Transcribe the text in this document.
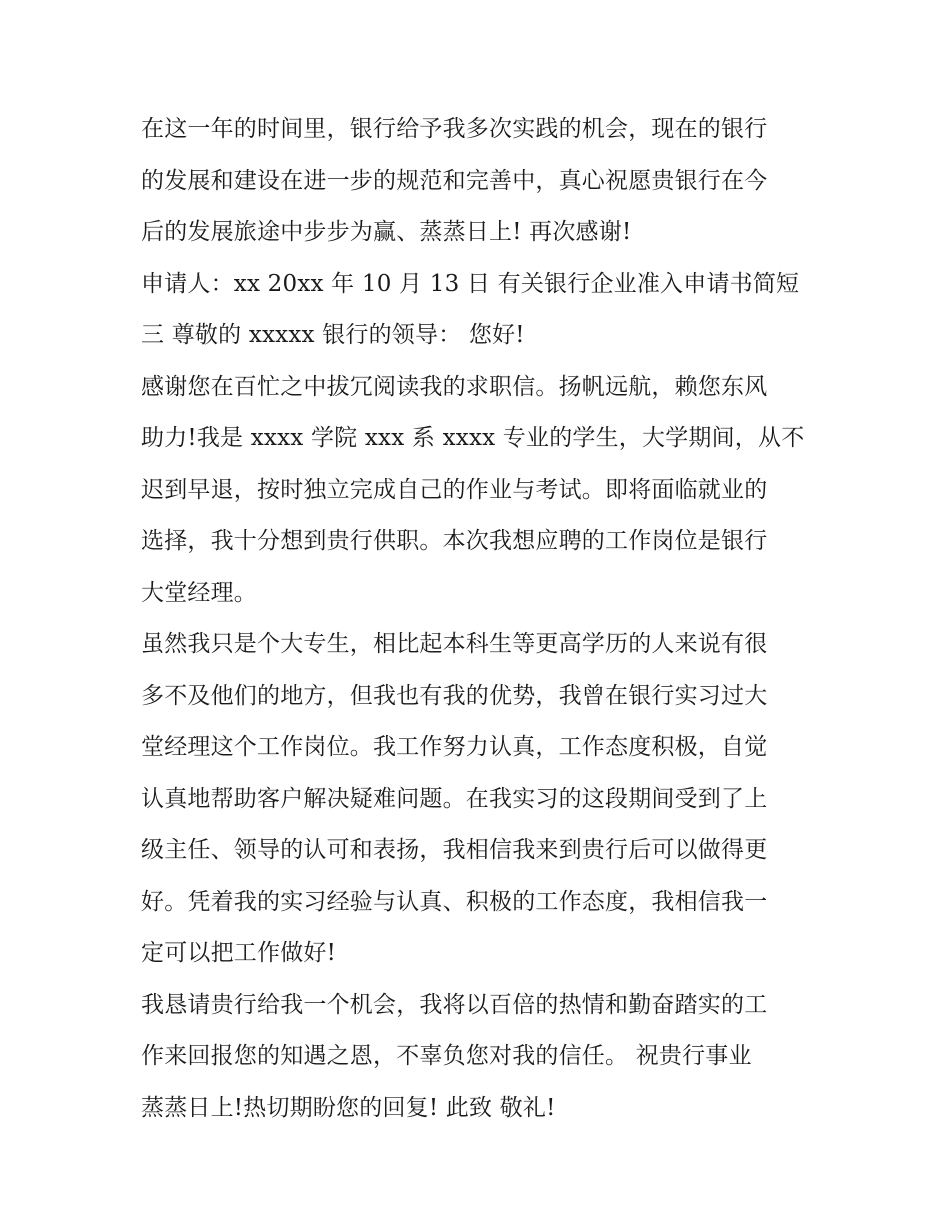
在这一年的时间里，银行给予我多次实践的机会，现在的银行
的发展和建设在进一步的规范和完善中，真心祝愿贵银行在今
后的发展旅途中步步为赢、蒸蒸日上! 再次感谢!
申请人：xx 20xx 年 10 月 13 日 有关银行企业准入申请书简短
三 尊敬的 xxxxx 银行的领导： 您好!
感谢您在百忙之中拔冗阅读我的求职信。扬帆远航，赖您东风
助力!我是 xxxx 学院 xxx 系 xxxx 专业的学生，大学期间，从不
迟到早退，按时独立完成自己的作业与考试。即将面临就业的
选择，我十分想到贵行供职。本次我想应聘的工作岗位是银行
大堂经理。
虽然我只是个大专生，相比起本科生等更高学历的人来说有很
多不及他们的地方，但我也有我的优势，我曾在银行实习过大
堂经理这个工作岗位。我工作努力认真，工作态度积极，自觉
认真地帮助客户解决疑难问题。在我实习的这段期间受到了上
级主任、领导的认可和表扬，我相信我来到贵行后可以做得更
好。凭着我的实习经验与认真、积极的工作态度，我相信我一
定可以把工作做好!
我恳请贵行给我一个机会，我将以百倍的热情和勤奋踏实的工
作来回报您的知遇之恩，不辜负您对我的信任。 祝贵行事业
蒸蒸日上!热切期盼您的回复! 此致 敬礼!
